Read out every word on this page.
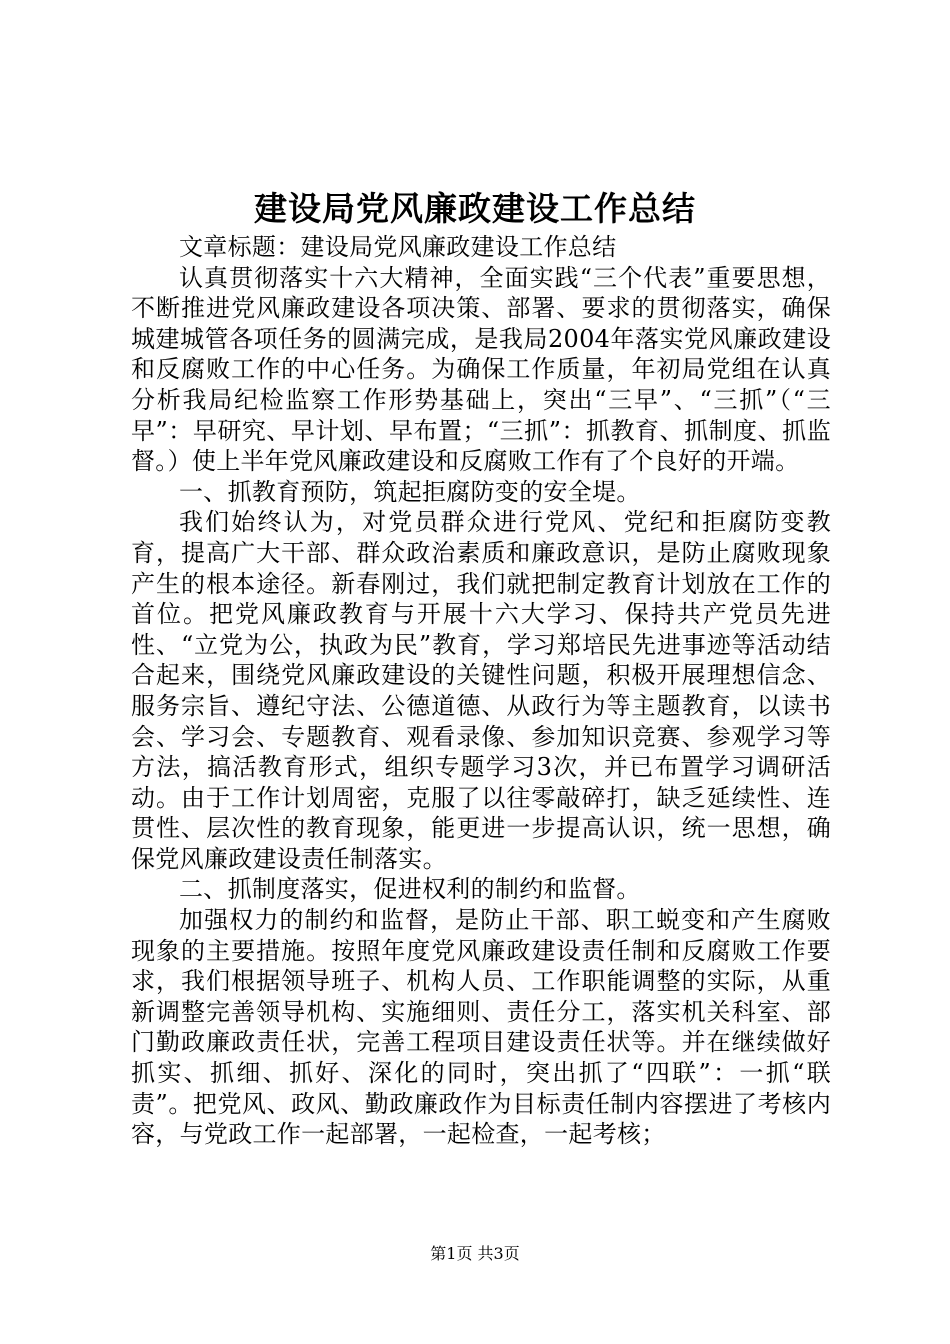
建设局党风廉政建设工作总结

文章标题：建设局党风廉政建设工作总结

认真贯彻落实十六大精神，全面实践“三个代表”重要思想，不断推进党风廉政建设各项决策、部署、要求的贯彻落实，确保城建城管各项任务的圆满完成，是我局2004年落实党风廉政建设和反腐败工作的中心任务。为确保工作质量，年初局党组在认真分析我局纪检监察工作形势基础上，突出“三早”、“三抓”（“三早”：早研究、早计划、早布置；“三抓”：抓教育、抓制度、抓监督。）使上半年党风廉政建设和反腐败工作有了个良好的开端。

一、抓教育预防，筑起拒腐防变的安全堤。

我们始终认为，对党员群众进行党风、党纪和拒腐防变教育，提高广大干部、群众政治素质和廉政意识，是防止腐败现象产生的根本途径。新春刚过，我们就把制定教育计划放在工作的首位。把党风廉政教育与开展十六大学习、保持共产党员先进性、“立党为公，执政为民”教育，学习郑培民先进事迹等活动结合起来，围绕党风廉政建设的关键性问题，积极开展理想信念、服务宗旨、遵纪守法、公德道德、从政行为等主题教育，以读书会、学习会、专题教育、观看录像、参加知识竞赛、参观学习等方法，搞活教育形式，组织专题学习3次，并已布置学习调研活动。由于工作计划周密，克服了以往零敲碎打，缺乏延续性、连贯性、层次性的教育现象，能更进一步提高认识，统一思想，确保党风廉政建设责任制落实。

二、抓制度落实，促进权利的制约和监督。

加强权力的制约和监督，是防止干部、职工蜕变和产生腐败现象的主要措施。按照年度党风廉政建设责任制和反腐败工作要求，我们根据领导班子、机构人员、工作职能调整的实际，从重新调整完善领导机构、实施细则、责任分工，落实机关科室、部门勤政廉政责任状，完善工程项目建设责任状等。并在继续做好抓实、抓细、抓好、深化的同时，突出抓了“四联”：一抓“联责”。把党风、政风、勤政廉政作为目标责任制内容摆进了考核内容，与党政工作一起部署，一起检查，一起考核；

第1页 共3页
